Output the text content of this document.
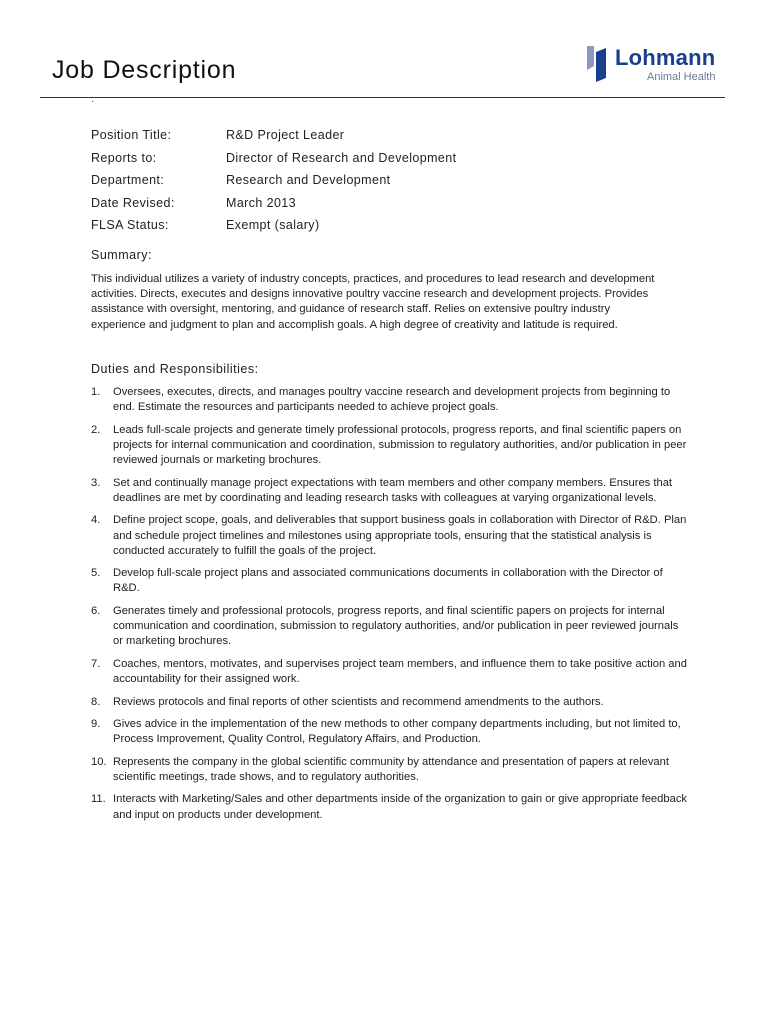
Job Description	Lohmann
Animal Health
·
Position Title:	R&D Project Leader
Reports to:	Director of Research and Development
Department:	Research and Development
Date Revised:	March 2013
FLSA Status:	Exempt (salary)
Summary:

This individual utilizes a variety of industry concepts, practices, and procedures to lead research and development activities. Directs, executes and designs innovative poultry vaccine research and development projects. Provides assistance with oversight, mentoring, and guidance of research staff. Relies on extensive poultry industry experience and judgment to plan and accomplish goals. A high degree of creativity and latitude is required.

Duties and Responsibilities:
1.	Oversees, executes, directs, and manages poultry vaccine research and development projects from beginning to end. Estimate the resources and participants needed to achieve project goals.
2.	Leads full-scale projects and generate timely professional protocols, progress reports, and final scientific papers on projects for internal communication and coordination, submission to regulatory authorities, and/or publication in peer reviewed journals or marketing brochures.
3.	Set and continually manage project expectations with team members and other company members. Ensures that deadlines are met by coordinating and leading research tasks with colleagues at varying organizational levels.
4.	Define project scope, goals, and deliverables that support business goals in collaboration with Director of R&D. Plan and schedule project timelines and milestones using appropriate tools, ensuring that the statistical analysis is conducted accurately to fulfill the goals of the project.
5.	Develop full-scale project plans and associated communications documents in collaboration with the Director of R&D.
6.	Generates timely and professional protocols, progress reports, and final scientific papers on projects for internal communication and coordination, submission to regulatory authorities, and/or publication in peer reviewed journals or marketing brochures.
7.	Coaches, mentors, motivates, and supervises project team members, and influence them to take positive action and accountability for their assigned work.
8.	Reviews protocols and final reports of other scientists and recommend amendments to the authors.
9.	Gives advice in the implementation of the new methods to other company departments including, but not limited to, Process Improvement, Quality Control, Regulatory Affairs, and Production.
10. Represents the company in the global scientific community by attendance and presentation of papers at relevant scientific meetings, trade shows, and to regulatory authorities.
11. Interacts with Marketing/Sales and other departments inside of the organization to gain or give appropriate feedback and input on products under development.
